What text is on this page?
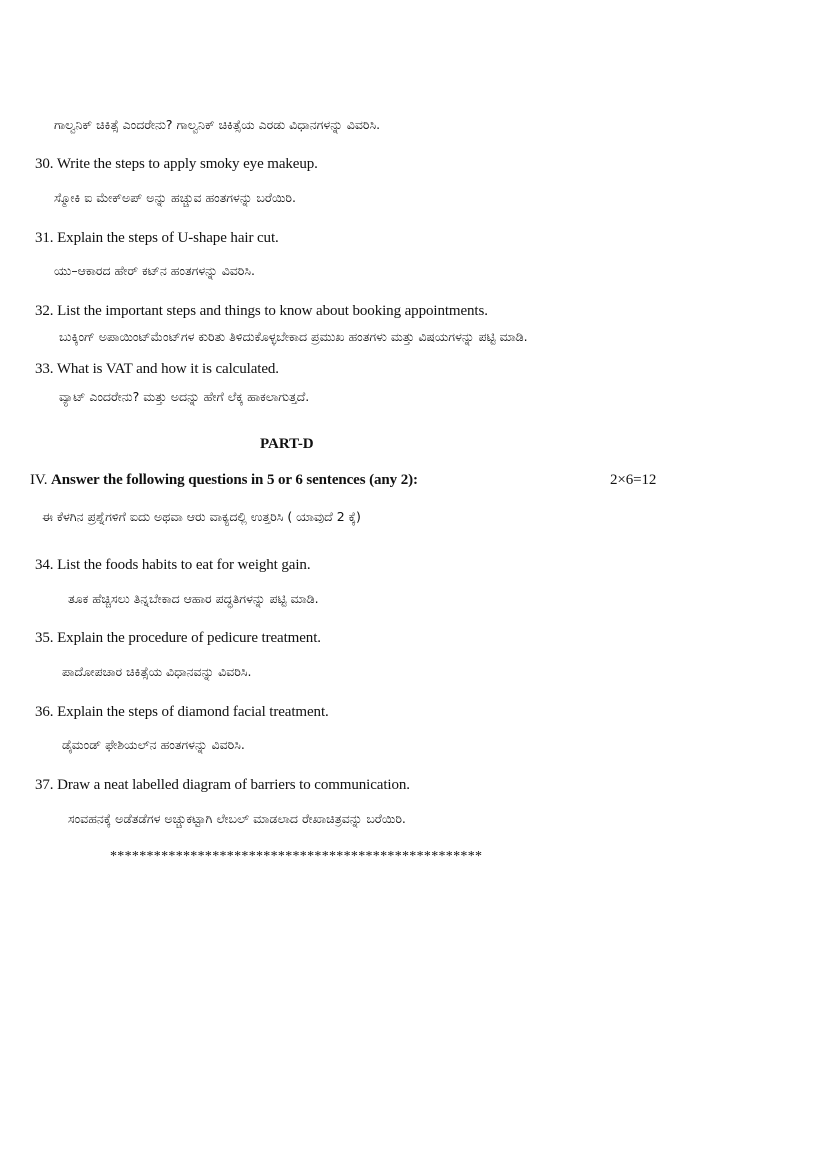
ಗಾಲ್ವನಿಕ್ ಚಿಕಿತ್ಸೆ ಎಂದರೇನು? ಗಾಲ್ವನಿಕ್ ಚಿಕಿತ್ಸೆಯ ಎರಡು ವಿಧಾನಗಳನ್ನು ವಿವರಿಸಿ.
30. Write the steps to apply smoky eye makeup.
ಸ್ಮೋಕಿ ಐ ಮೇಕ್‌ಅಪ್ ಅನ್ನು ಹಚ್ಚುವ ಹಂತಗಳನ್ನು ಬರೆಯಿರಿ.
31. Explain the steps of U-shape hair cut.
ಯು–ಆಕಾರದ ಹೇರ್ ಕಟ್‌ನ ಹಂತಗಳನ್ನು ವಿವರಿಸಿ.
32. List the important steps and things to know about booking appointments.
ಬುಕ್ಕಿಂಗ್ ಅಪಾಯಿಂಟ್‌ಮೆಂಟ್‌ಗಳ ಕುರಿತು ತಿಳಿದುಕೊಳ್ಳಬೇಕಾದ ಪ್ರಮುಖ ಹಂತಗಳು ಮತ್ತು ವಿಷಯಗಳನ್ನು ಪಟ್ಟಿ ಮಾಡಿ.
33. What is VAT and how it is calculated.
ವ್ಯಾಟ್ ಎಂದರೇನು? ಮತ್ತು ಅದನ್ನು ಹೇಗೆ ಲೆಕ್ಕ ಹಾಕಲಾಗುತ್ತದೆ.
PART-D
IV. Answer the following questions in 5 or 6 sentences (any 2):	2×6=12
ಈ ಕೆಳಗಿನ ಪ್ರಶ್ನೆಗಳಿಗೆ ಐದು ಅಥವಾ ಆರು ವಾಕ್ಯದಲ್ಲಿ ಉತ್ತರಿಸಿ ( ಯಾವುದೆ 2 ಕ್ಕೆ)
34. List the foods habits to eat for weight gain.
ತೂಕ ಹೆಚ್ಚಿಸಲು ತಿನ್ನಬೇಕಾದ ಆಹಾರ ಪದ್ಧತಿಗಳನ್ನು ಪಟ್ಟಿ ಮಾಡಿ.
35. Explain the procedure of pedicure treatment.
ಪಾದೋಪಚಾರ ಚಿಕಿತ್ಸೆಯ ವಿಧಾನವನ್ನು ವಿವರಿಸಿ.
36. Explain the steps of diamond facial treatment.
ಡೈಮಂಡ್ ಫೇಶಿಯಲ್‌ನ ಹಂತಗಳನ್ನು ವಿವರಿಸಿ.
37. Draw a neat labelled diagram of barriers to communication.
ಸಂವಹನಕ್ಕೆ ಅಡೆತಡೆಗಳ ಅಚ್ಚುಕಟ್ಟಾಗಿ ಲೇಬಲ್ ಮಾಡಲಾದ ರೇಖಾಚಿತ್ರವನ್ನು ಬರೆಯಿರಿ.
***************************************************
